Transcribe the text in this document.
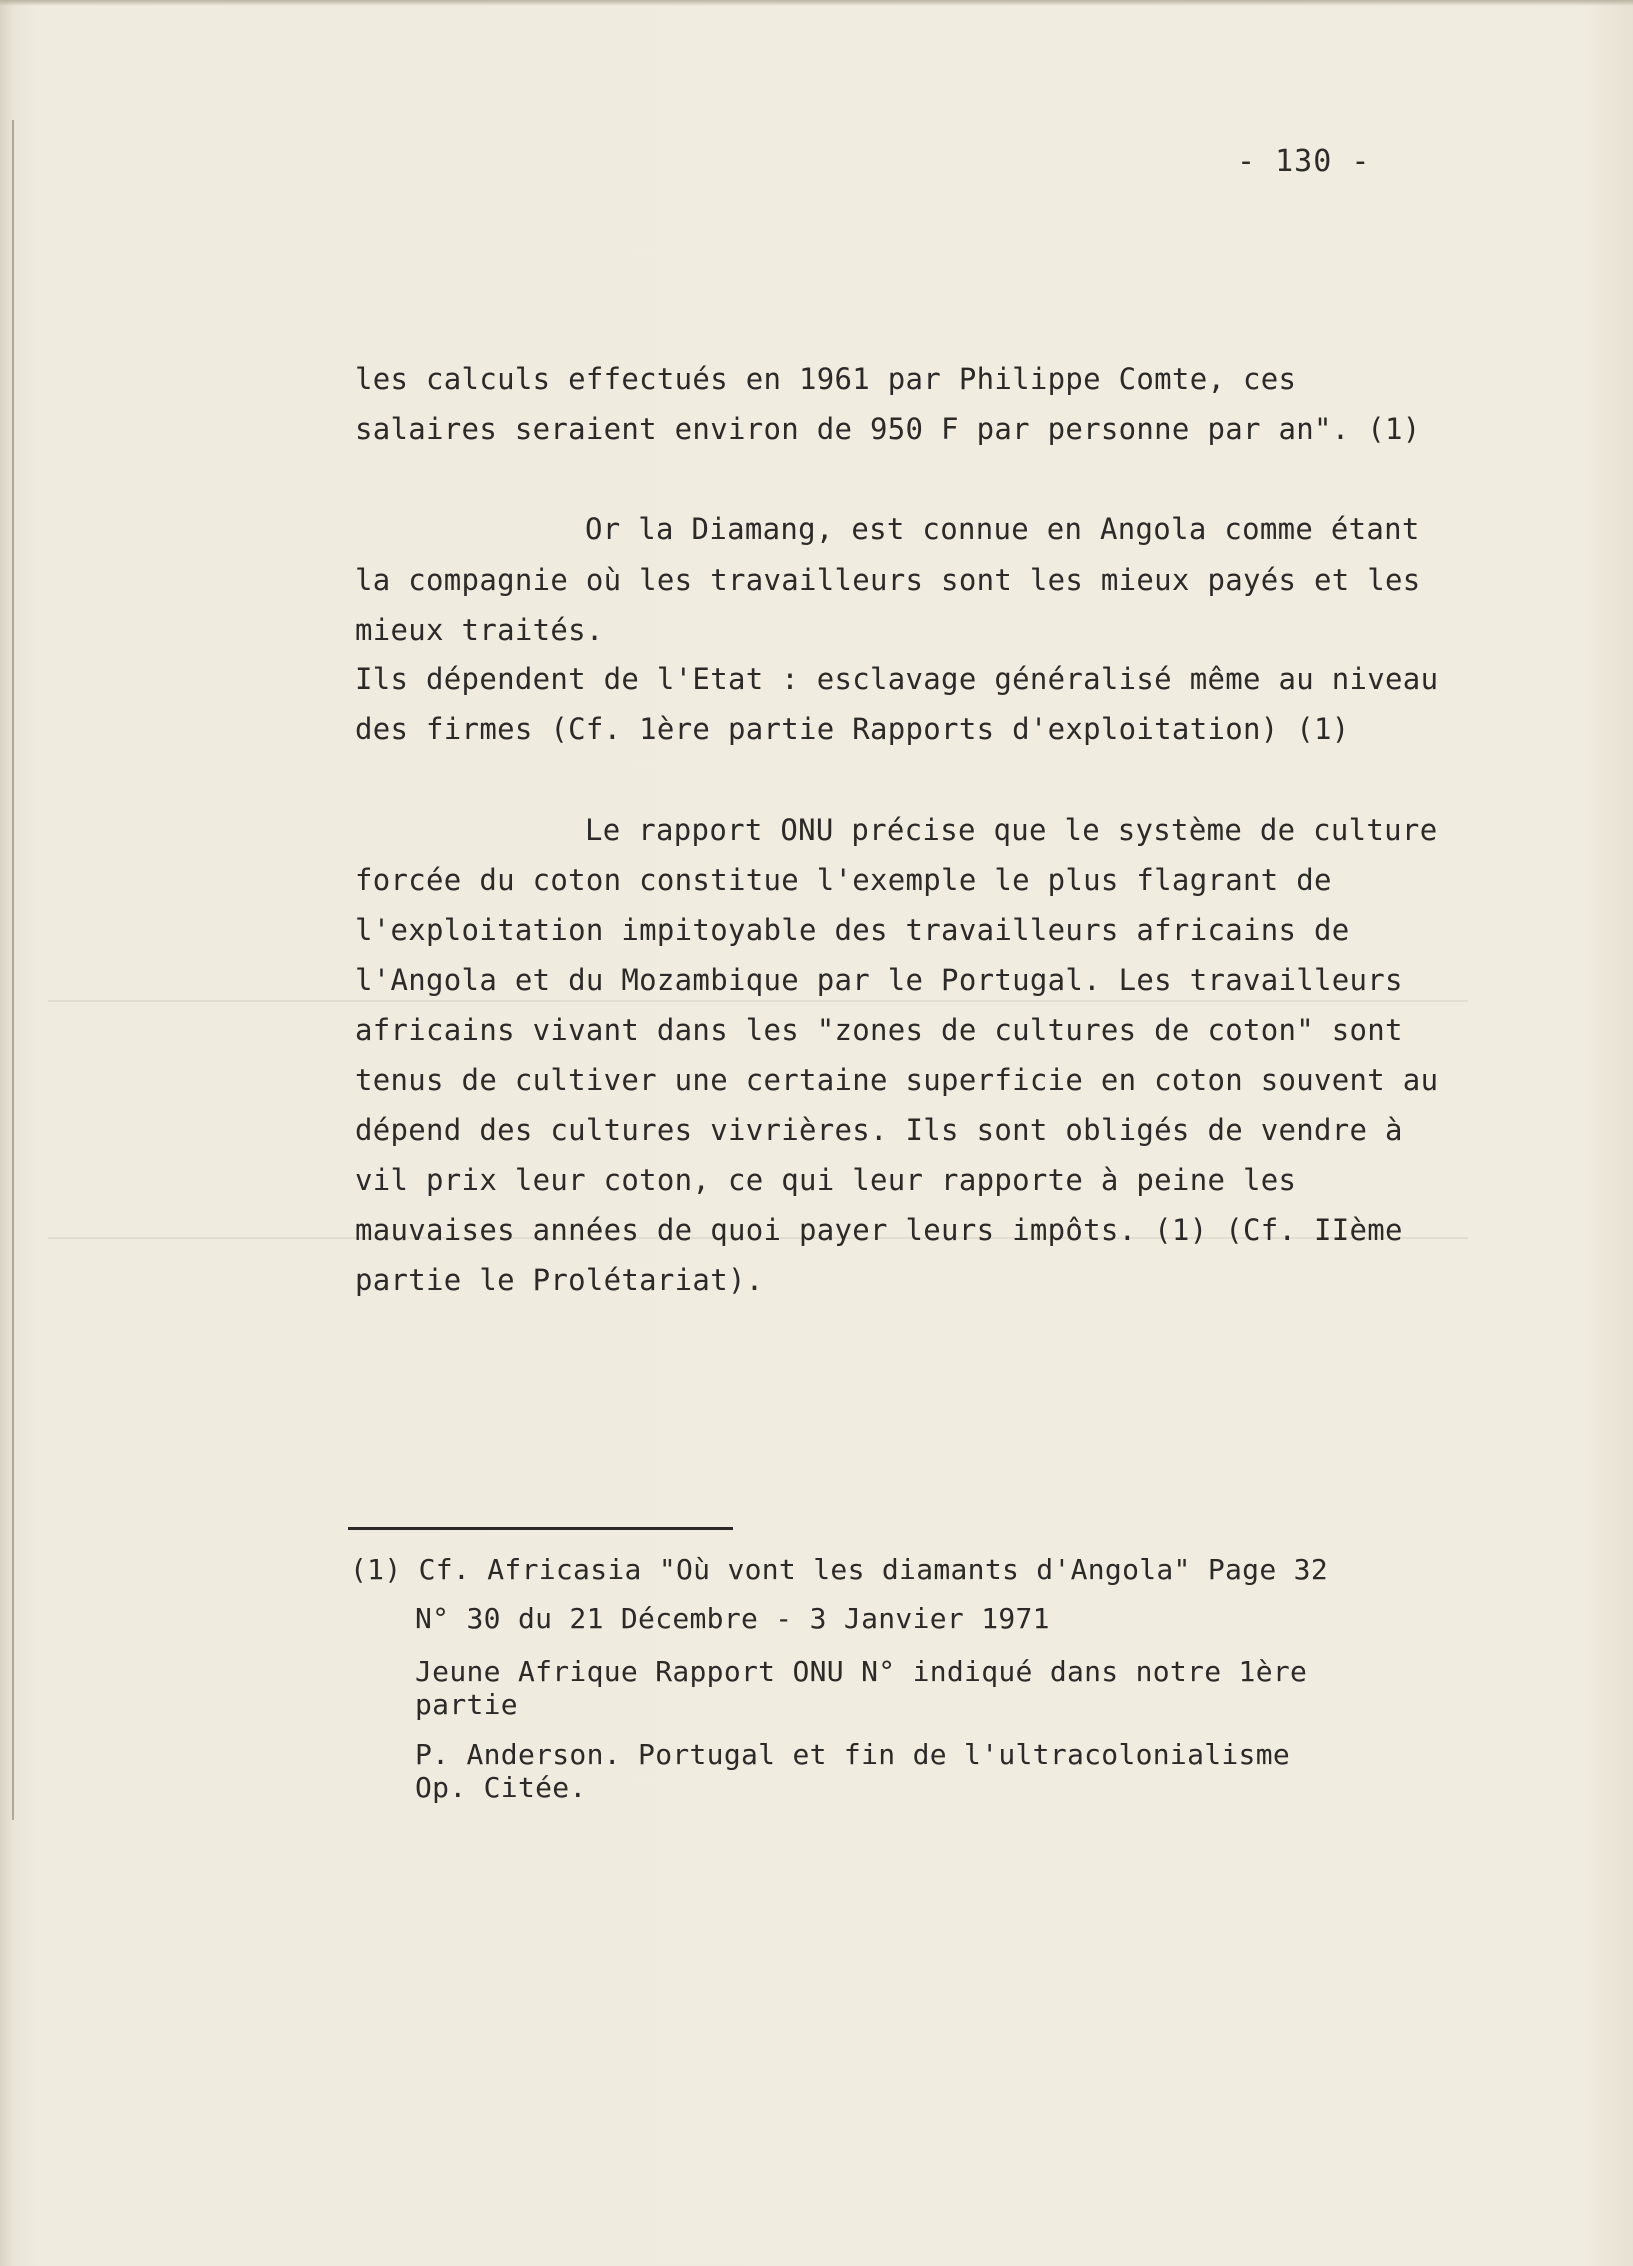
- 130 -
les calculs effectués en 1961 par Philippe Comte, ces
salaires seraient environ de 950 F par personne par an". (1)
Or la Diamang, est connue en Angola comme étant
la compagnie où les travailleurs sont les mieux payés et les
mieux traités.
Ils dépendent de l'Etat : esclavage généralisé même au niveau
des firmes (Cf. 1ère partie Rapports d'exploitation) (1)
Le rapport ONU précise que le système de culture
forcée du coton constitue l'exemple le plus flagrant de
l'exploitation impitoyable des travailleurs africains de
l'Angola et du Mozambique par le Portugal. Les travailleurs
africains vivant dans les "zones de cultures de coton" sont
tenus de cultiver une certaine superficie en coton souvent au
dépend des cultures vivrières. Ils sont obligés de vendre à
vil prix leur coton, ce qui leur rapporte à peine les
mauvaises années de quoi payer leurs impôts. (1) (Cf. IIème
partie le Prolétariat).
(1) Cf. Africasia "Où vont les diamants d'Angola" Page 32
N° 30 du 21 Décembre - 3 Janvier 1971
Jeune Afrique Rapport ONU N° indiqué dans notre 1ère
partie
P. Anderson. Portugal et fin de l'ultracolonialisme
Op. Citée.
